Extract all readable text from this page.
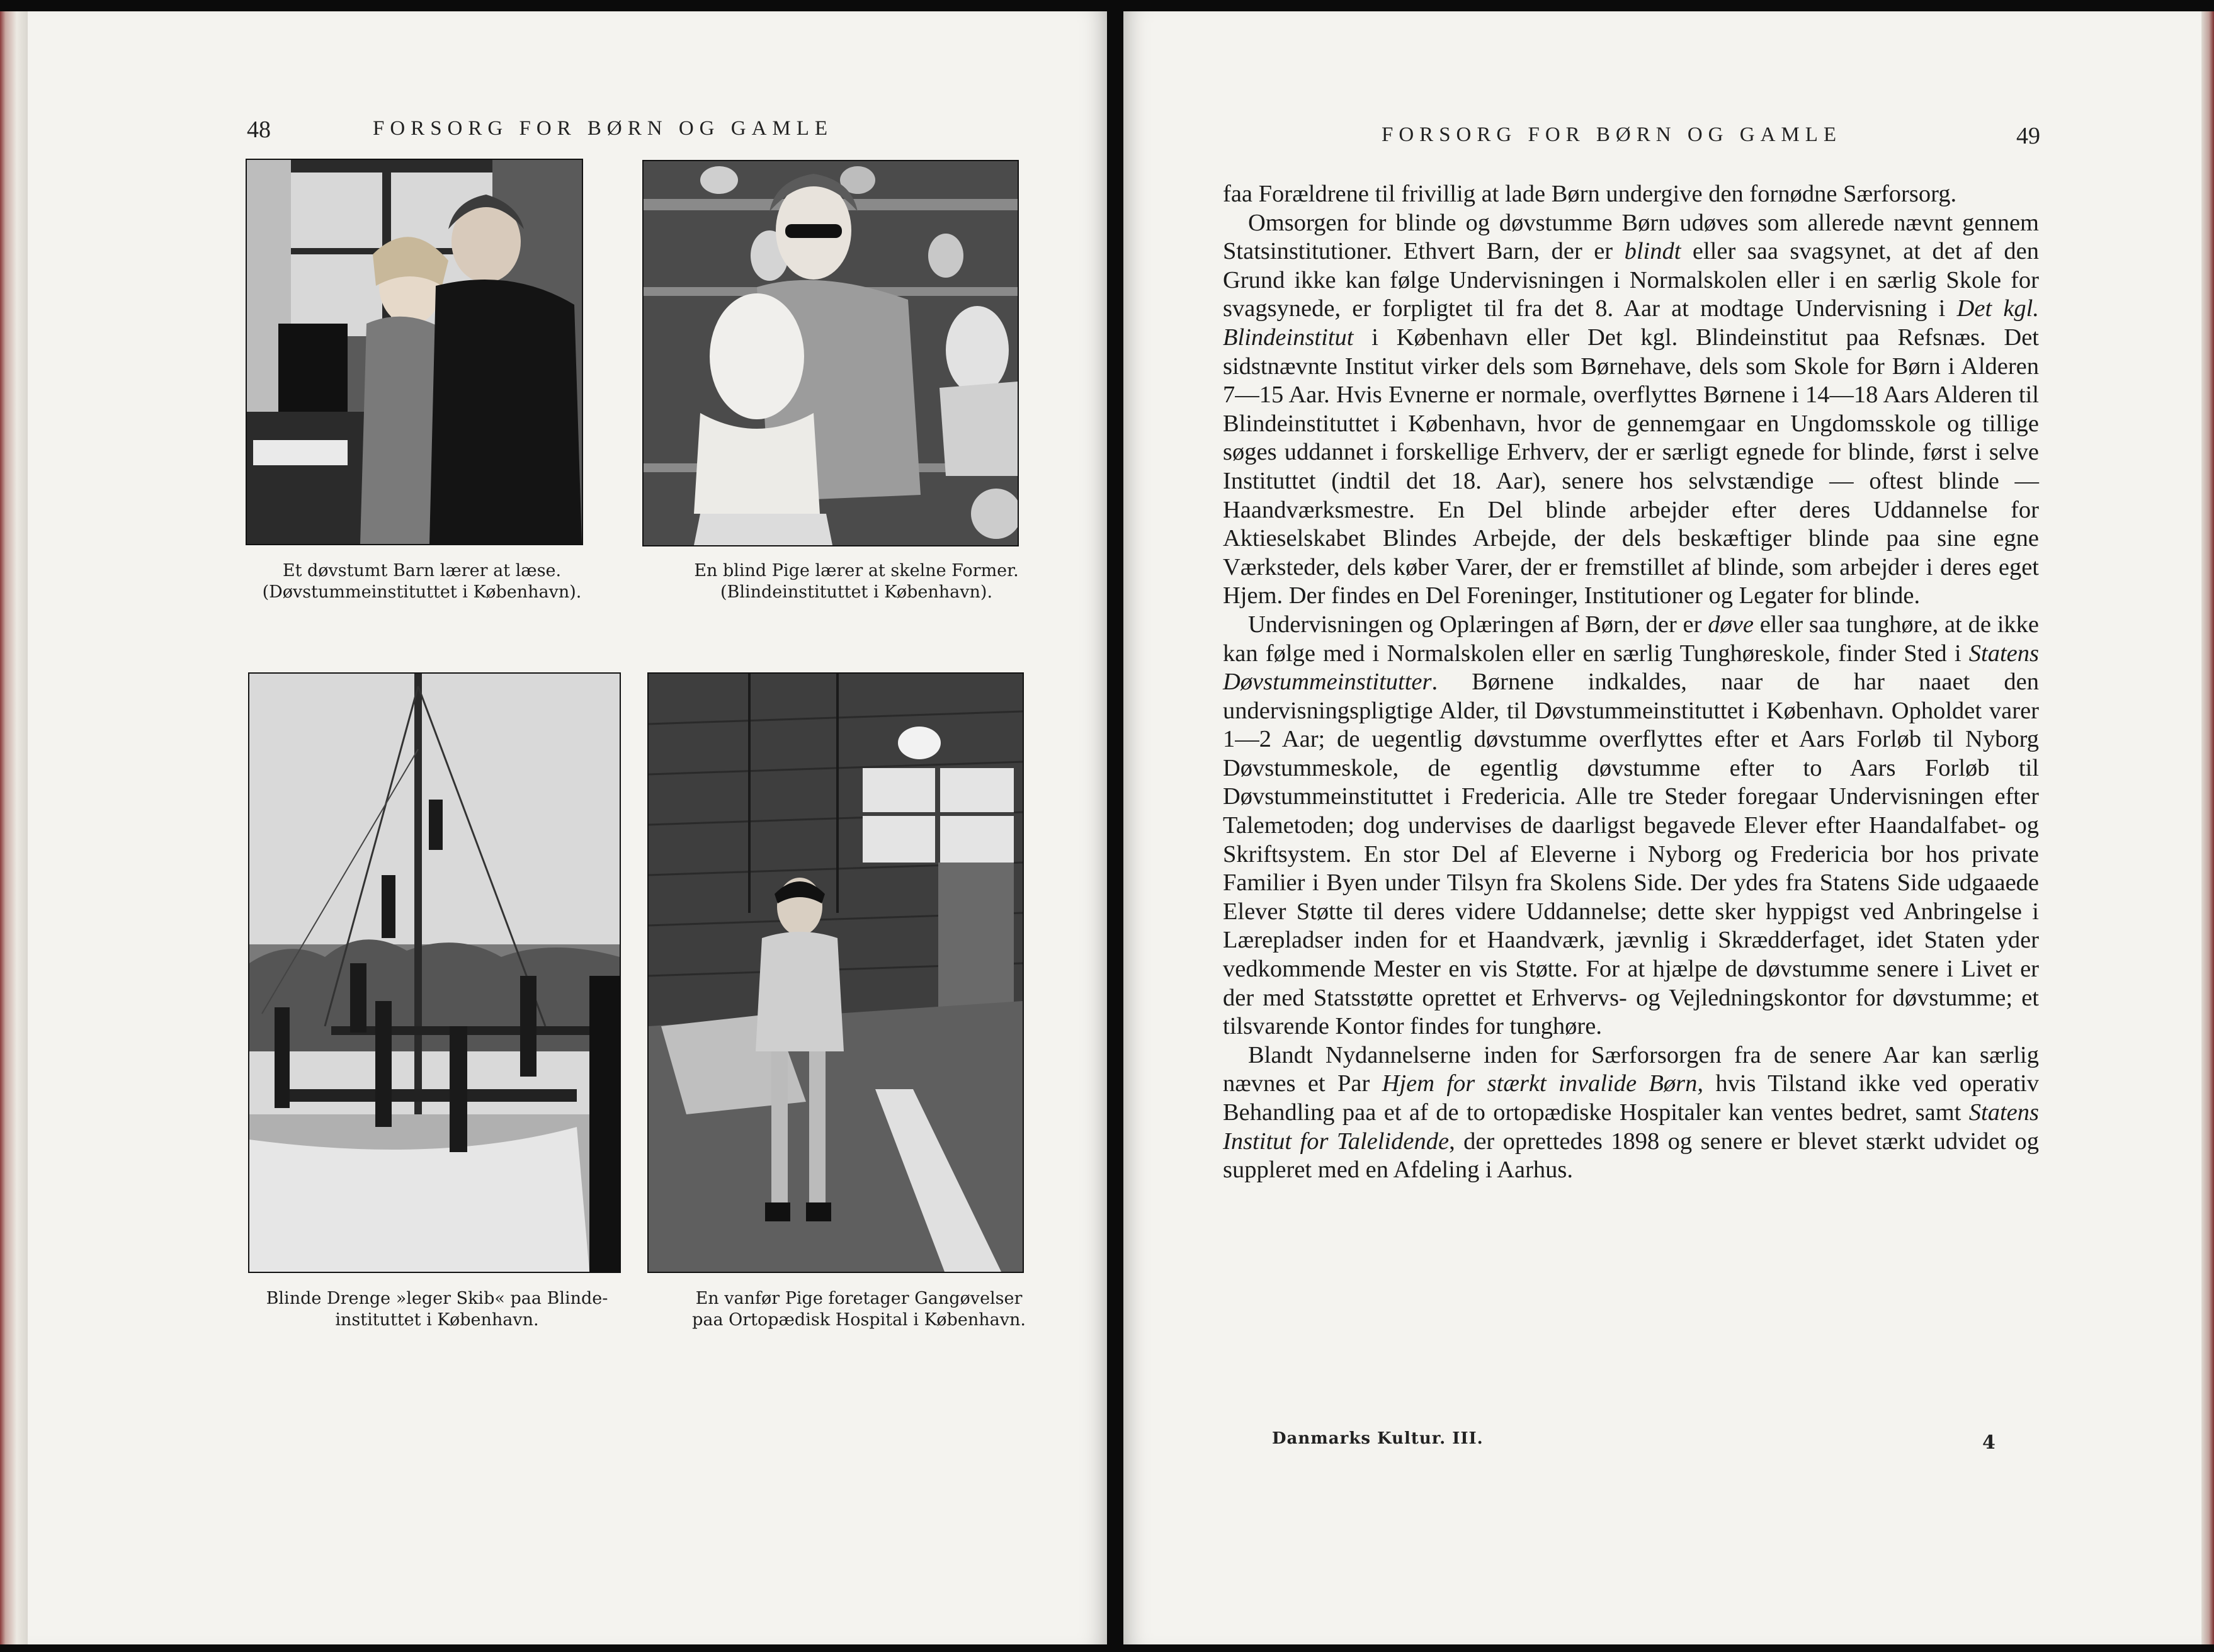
48	FORSORG FOR BØRN OG GAMLE
Et døvstumt Barn lærer at læse.
(Døvstummeinstituttet i København).
En blind Pige lærer at skelne Former.
(Blindeinstituttet i København).
Blinde Drenge »leger Skib« paa Blinde-
instituttet i København.
En vanfør Pige foretager Gangøvelser
paa Ortopædisk Hospital i København.
FORSORG FOR BØRN OG GAMLE	49

faa Forældrene til frivillig at lade Børn undergive den fornødne Særforsorg.

Omsorgen for blinde og døvstumme Børn udøves som allerede nævnt gennem Statsinstitutioner. Ethvert Barn, der er blindt eller saa svagsynet, at det af den Grund ikke kan følge Undervisningen i Normalskolen eller i en særlig Skole for svagsynede, er forpligtet til fra det 8. Aar at modtage Undervisning i Det kgl. Blindeinstitut i København eller Det kgl. Blindeinstitut paa Refsnæs. Det sidstnævnte Institut virker dels som Børnehave, dels som Skole for Børn i Alderen 7—15 Aar. Hvis Evnerne er normale, overflyttes Børnene i 14—18 Aars Alderen til Blindeinstituttet i København, hvor de gennemgaar en Ungdomsskole og tillige søges uddannet i forskellige Erhverv, der er særligt egnede for blinde, først i selve Instituttet (indtil det 18. Aar), senere hos selvstændige — oftest blinde — Haandværksmestre. En Del blinde arbejder efter deres Uddannelse for Aktieselskabet Blindes Arbejde, der dels beskæftiger blinde paa sine egne Værksteder, dels køber Varer, der er fremstillet af blinde, som arbejder i deres eget Hjem. Der findes en Del Foreninger, Institutioner og Legater for blinde.

Undervisningen og Oplæringen af Børn, der er døve eller saa tunghøre, at de ikke kan følge med i Normalskolen eller en særlig Tunghøreskole, finder Sted i Statens Døvstummeinstitutter. Børnene indkaldes, naar de har naaet den undervisningspligtige Alder, til Døvstummeinstituttet i København. Opholdet varer 1—2 Aar; de uegentlig døvstumme overflyttes efter et Aars Forløb til Nyborg Døvstummeskole, de egentlig døvstumme efter to Aars Forløb til Døvstummeinstituttet i Fredericia. Alle tre Steder foregaar Undervisningen efter Talemetoden; dog undervises de daarligst begavede Elever efter Haandalfabet- og Skriftsystem. En stor Del af Eleverne i Nyborg og Fredericia bor hos private Familier i Byen under Tilsyn fra Skolens Side. Der ydes fra Statens Side udgaaede Elever Støtte til deres videre Uddannelse; dette sker hyppigst ved Anbringelse i Lærepladser inden for et Haandværk, jævnlig i Skrædderfaget, idet Staten yder vedkommende Mester en vis Støtte. For at hjælpe de døvstumme senere i Livet er der med Statsstøtte oprettet et Erhvervs- og Vejledningskontor for døvstumme; et tilsvarende Kontor findes for tunghøre.

Blandt Nydannelserne inden for Særforsorgen fra de senere Aar kan særlig nævnes et Par Hjem for stærkt invalide Børn, hvis Tilstand ikke ved operativ Behandling paa et af de to ortopædiske Hospitaler kan ventes bedret, samt Statens Institut for Talelidende, der oprettedes 1898 og senere er blevet stærkt udvidet og suppleret med en Afdeling i Aarhus.

Danmarks Kultur. III.	4
